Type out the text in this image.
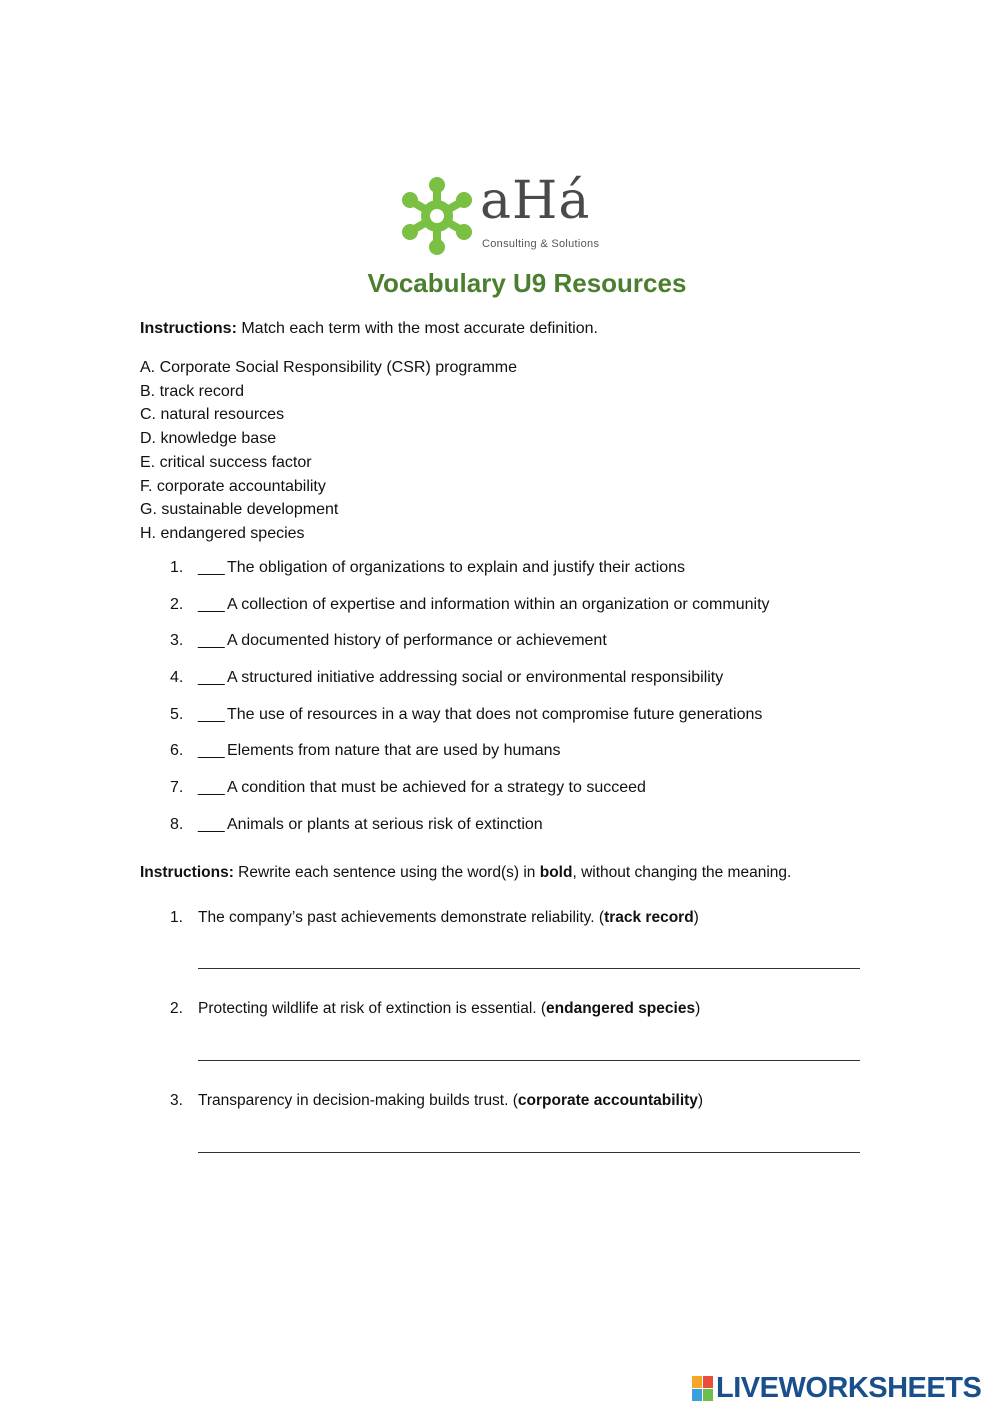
aHá
Consulting & Solutions
Vocabulary U9 Resources
Instructions: Match each term with the most accurate definition.
A. Corporate Social Responsibility (CSR) programme
B. track record
C. natural resources
D. knowledge base
E. critical success factor
F. corporate accountability
G. sustainable development
H. endangered species
1. ___ The obligation of organizations to explain and justify their actions
2. ___ A collection of expertise and information within an organization or community
3. ___ A documented history of performance or achievement
4. ___ A structured initiative addressing social or environmental responsibility
5. ___ The use of resources in a way that does not compromise future generations
6. ___ Elements from nature that are used by humans
7. ___ A condition that must be achieved for a strategy to succeed
8. ___ Animals or plants at serious risk of extinction
Instructions: Rewrite each sentence using the word(s) in bold, without changing the meaning.
1. The company’s past achievements demonstrate reliability. (track record)
2. Protecting wildlife at risk of extinction is essential. (endangered species)
3. Transparency in decision-making builds trust. (corporate accountability)
LIVEWORKSHEETS
